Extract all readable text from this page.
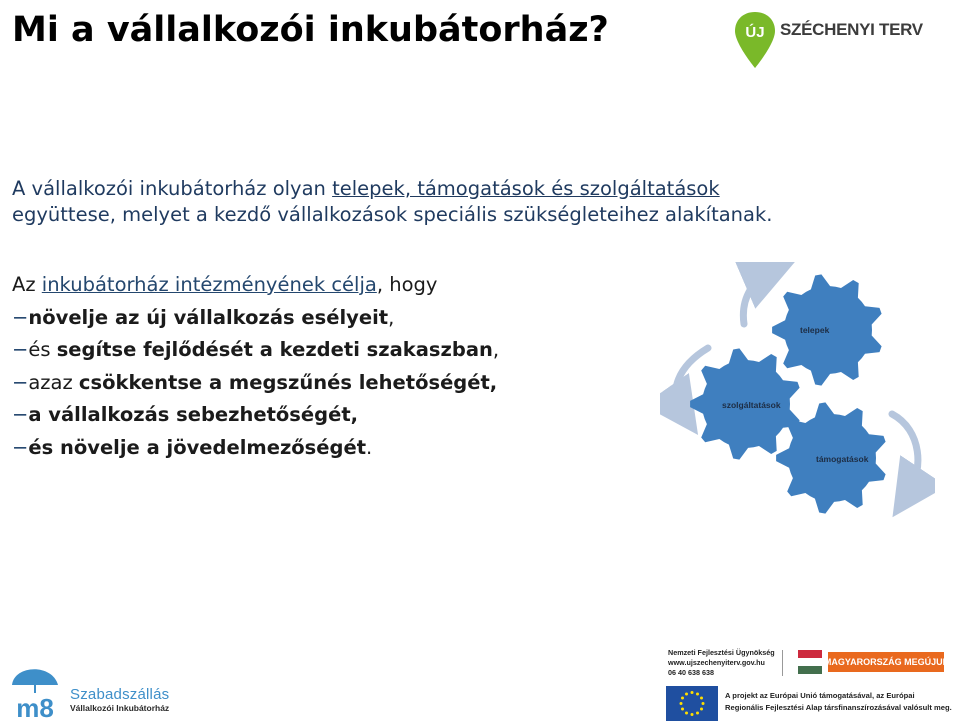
Mi a vállalkozói inkubátorház?	ÚJ SZÉCHENYI TERV
A vállalkozói inkubátorház olyan telepek, támogatások és szolgáltatások
együttese, melyet a kezdő vállalkozások speciális szükségleteihez alakítanak.
Az inkubátorház intézményének célja, hogy
−növelje az új vállalkozás esélyeit,
−és segítse fejlődését a kezdeti szakaszban,
−azaz csökkentse a megszűnés lehetőségét,
−a vállalkozás sebezhetőségét,
−és növelje a jövedelmezőségét.
telepek
szolgáltatások
támogatások
m8 Szabadszállás
Vállalkozói Inkubátorház
Nemzeti Fejlesztési Ügynökség
www.ujszechenyiterv.gov.hu
06 40 638 638
MAGYARORSZÁG MEGÚJUL
A projekt az Európai Unió támogatásával, az Európai
Regionális Fejlesztési Alap társfinanszírozásával valósult meg.
